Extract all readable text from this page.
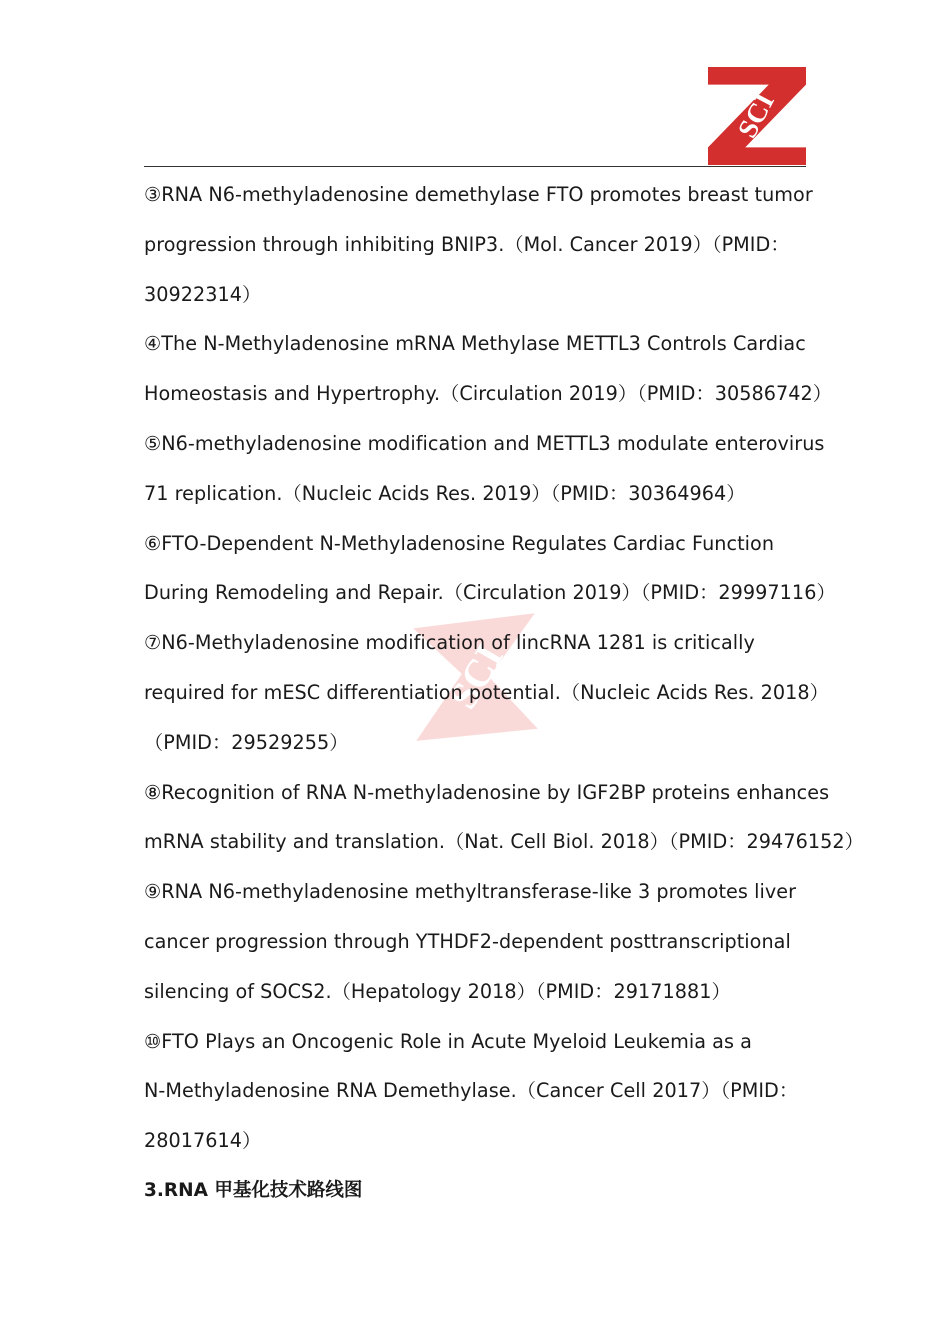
SCI
SCI
③RNA N6-methyladenosine demethylase FTO promotes breast tumor
progression through inhibiting BNIP3.（Mol. Cancer 2019）（PMID：
30922314）
④The N-Methyladenosine mRNA Methylase METTL3 Controls Cardiac
Homeostasis and Hypertrophy.（Circulation 2019）（PMID：30586742）
⑤N6-methyladenosine modification and METTL3 modulate enterovirus
71 replication.（Nucleic Acids Res. 2019）（PMID：30364964）
⑥FTO-Dependent N-Methyladenosine Regulates Cardiac Function
During Remodeling and Repair.（Circulation 2019）（PMID：29997116）
⑦N6-Methyladenosine modification of lincRNA 1281 is critically
required for mESC differentiation potential.（Nucleic Acids Res. 2018）
（PMID：29529255）
⑧Recognition of RNA N-methyladenosine by IGF2BP proteins enhances
mRNA stability and translation.（Nat. Cell Biol. 2018）（PMID：29476152）
⑨RNA N6-methyladenosine methyltransferase-like 3 promotes liver
cancer progression through YTHDF2-dependent posttranscriptional
silencing of SOCS2.（Hepatology 2018）（PMID：29171881）
⑩FTO Plays an Oncogenic Role in Acute Myeloid Leukemia as a
N-Methyladenosine RNA Demethylase.（Cancer Cell 2017）（PMID：
28017614）
3.RNA 甲基化技术路线图
